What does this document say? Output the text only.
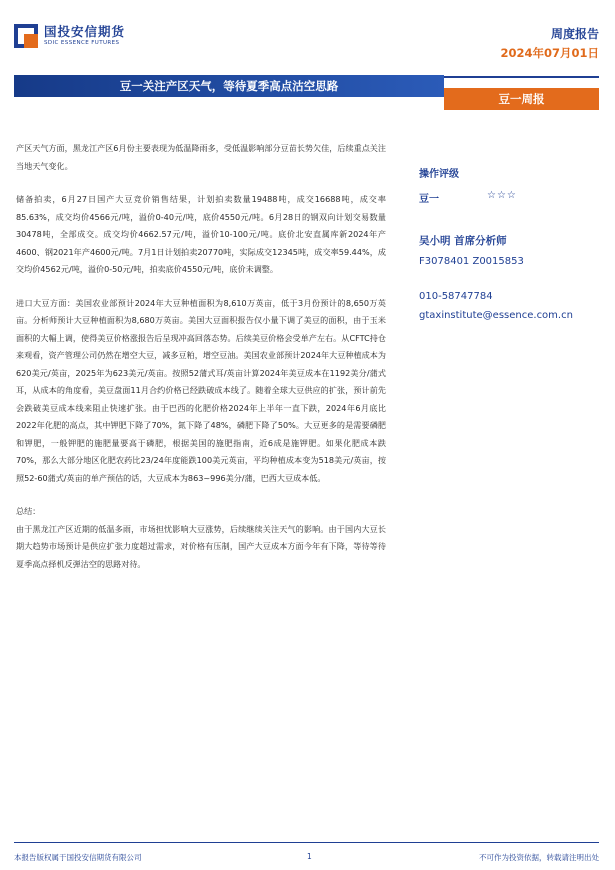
国投安信期货
SDIC ESSENCE FUTURES
周度报告
2024年07月01日
豆一关注产区天气，等待夏季高点沽空思路
豆一周报

产区天气方面，黑龙江产区6月份主要表现为低温降雨多，受低温影响部分豆苗长势欠佳，后续重点关注当地天气变化。

储备拍卖，6月27日国产大豆竞价销售结果，计划拍卖数量19488吨，成交16688吨，成交率85.63%，成交均价4566元/吨，溢价0-40元/吨，底价4550元/吨。6月28日的钢双向计划交易数量30478吨，全部成交。成交均价4662.57元/吨，溢价10-100元/吨。底价北安直属库新2024年产4600、钢2021年产4600元/吨。7月1日计划拍卖20770吨，实际成交12345吨，成交率59.44%，成交均价4562元/吨，溢价0-50元/吨，拍卖底价4550元/吨，底价未调整。

进口大豆方面：美国农业部预计2024年大豆种植面积为8,610万英亩，低于3月份预计的8,650万英亩。分析师预计大豆种植面积为8,680万英亩。美国大豆面积报告仅小量下调了美豆的面积，由于玉米面积的大幅上调，使得美豆价格涨报告后呈现冲高回落态势。后续美豆价格会受单产左右。从CFTC持仓来观看，资产管理公司仍然在增空大豆，减多豆粕，增空豆油。美国农业部预计2024年大豆种植成本为620美元/英亩，2025年为623美元/英亩。按照52蒲式耳/英亩计算2024年美豆成本在1192美分/蒲式耳，从成本的角度看，美豆盘面11月合约价格已经跌破成本线了。随着全球大豆供应的扩张，预计前先会跌破美豆成本线来阻止快速扩张。由于巴西的化肥价格2024年上半年一直下跌，2024年6月底比2022年化肥的高点，其中钾肥下降了70%，氮下降了48%，磷肥下降了50%。大豆更多的是需要磷肥和钾肥，一般钾肥的施肥量要高于磷肥，根据美国的施肥指南，近6成是施钾肥。如果化肥成本跌70%，那么大部分地区化肥农药比23/24年度能跌100美元英亩，平均种植成本变为518美元/英亩，按照52-60蒲式/英亩的单产预估的话，大豆成本为863~996美分/蒲，巴西大豆成本低。

总结：

由于黑龙江产区近期的低温多雨，市场担忧影响大豆涨势，后续继续关注天气的影响。由于国内大豆长期大趋势市场预计是供应扩张力度超过需求，对价格有压制，国产大豆成本方面今年有下降，等待等待夏季高点择机反弹沽空的思路对待。

操作评级
豆一	☆☆☆
吴小明 首席分析师
F3078401 Z0015853
010-58747784
gtaxinstitute@essence.com.cn
本报告版权属于国投安信期货有限公司	1	不可作为投资依据，转载请注明出处
